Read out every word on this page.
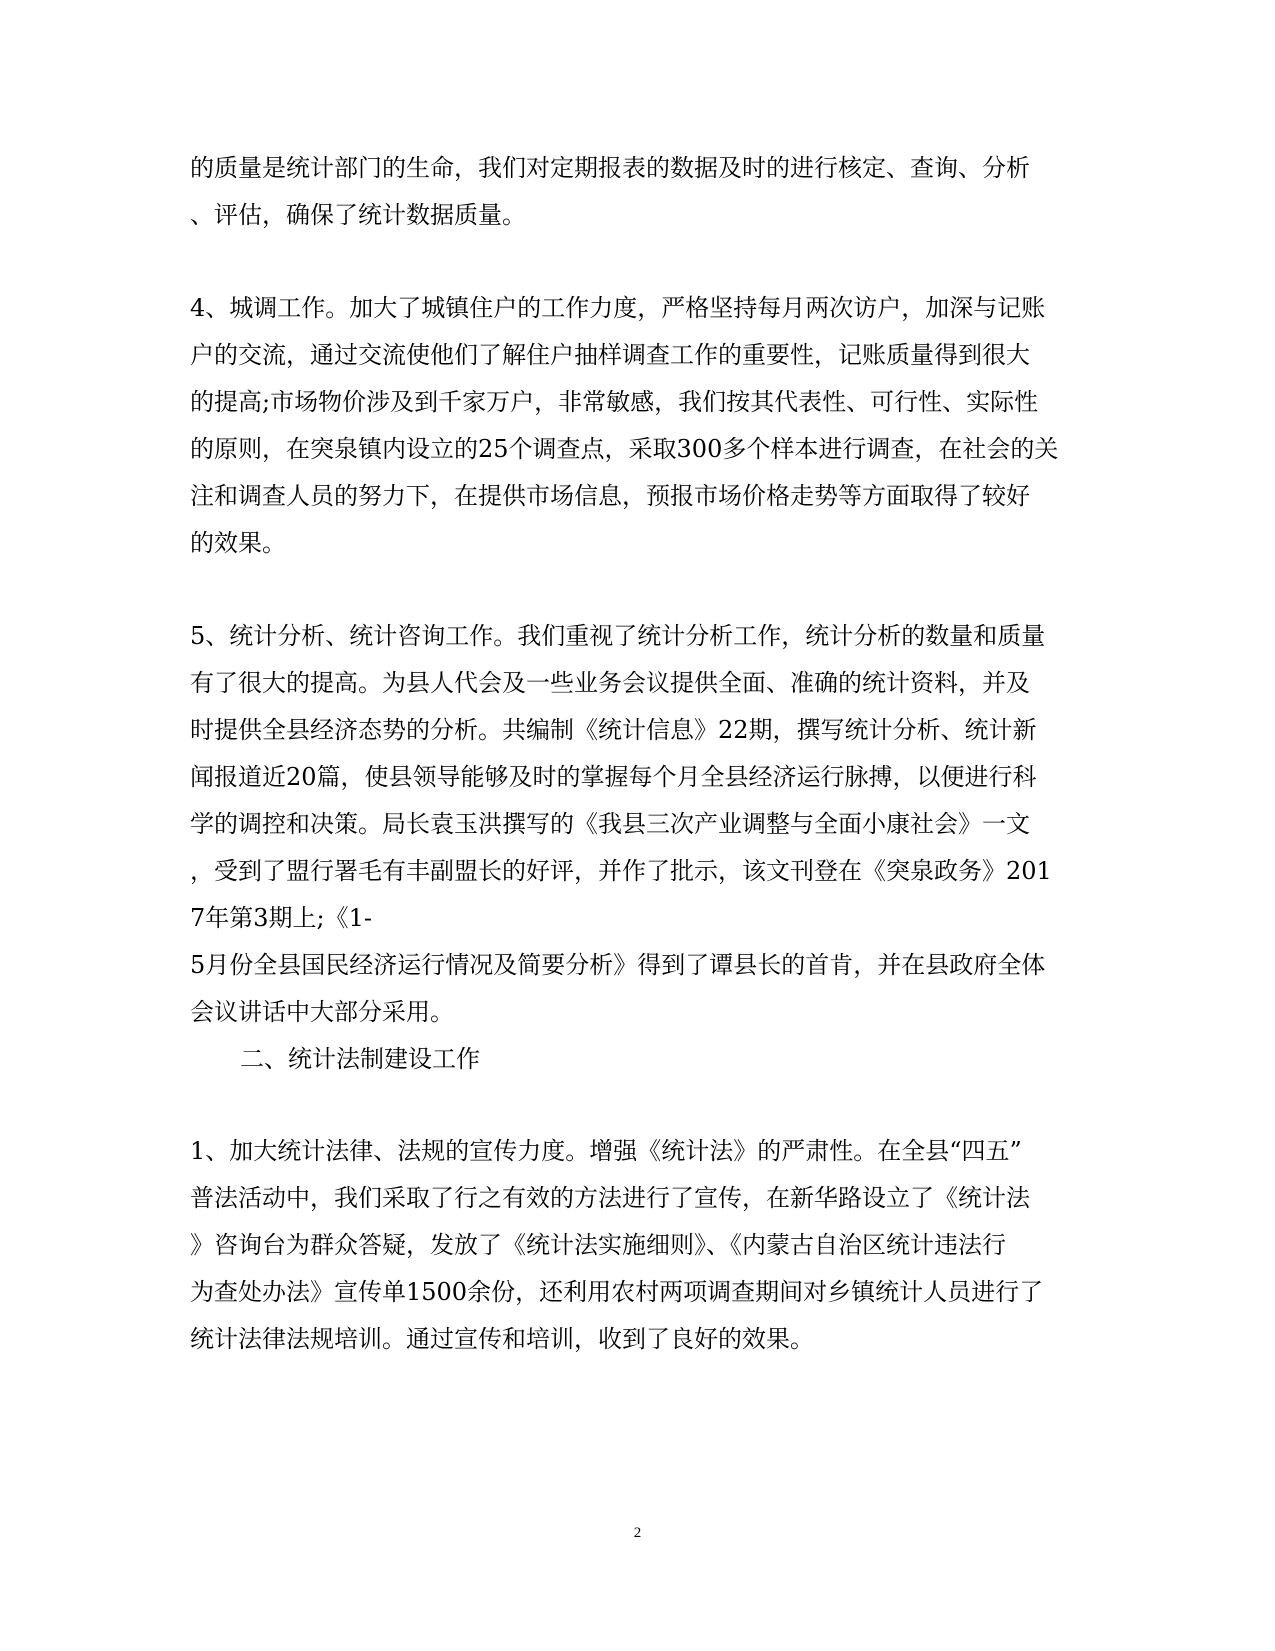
的质量是统计部门的生命，我们对定期报表的数据及时的进行核定、查询、分析
、评估，确保了统计数据质量。
4、城调工作。加大了城镇住户的工作力度，严格坚持每月两次访户，加深与记账
户的交流，通过交流使他们了解住户抽样调查工作的重要性，记账质量得到很大
的提高;市场物价涉及到千家万户，非常敏感，我们按其代表性、可行性、实际性
的原则，在突泉镇内设立的25个调查点，采取300多个样本进行调查，在社会的关
注和调查人员的努力下，在提供市场信息，预报市场价格走势等方面取得了较好
的效果。
5、统计分析、统计咨询工作。我们重视了统计分析工作，统计分析的数量和质量
有了很大的提高。为县人代会及一些业务会议提供全面、准确的统计资料，并及
时提供全县经济态势的分析。共编制《统计信息》22期，撰写统计分析、统计新
闻报道近20篇，使县领导能够及时的掌握每个月全县经济运行脉搏，以便进行科
学的调控和决策。局长袁玉洪撰写的《我县三次产业调整与全面小康社会》一文
，受到了盟行署毛有丰副盟长的好评，并作了批示，该文刊登在《突泉政务》201
7年第3期上;《1-
5月份全县国民经济运行情况及简要分析》得到了谭县长的首肯，并在县政府全体
会议讲话中大部分采用。
二、统计法制建设工作
1、加大统计法律、法规的宣传力度。增强《统计法》的严肃性。在全县“四五”
普法活动中，我们采取了行之有效的方法进行了宣传，在新华路设立了《统计法
》咨询台为群众答疑，发放了《统计法实施细则》、《内蒙古自治区统计违法行
为查处办法》宣传单1500余份，还利用农村两项调查期间对乡镇统计人员进行了
统计法律法规培训。通过宣传和培训，收到了良好的效果。
2
